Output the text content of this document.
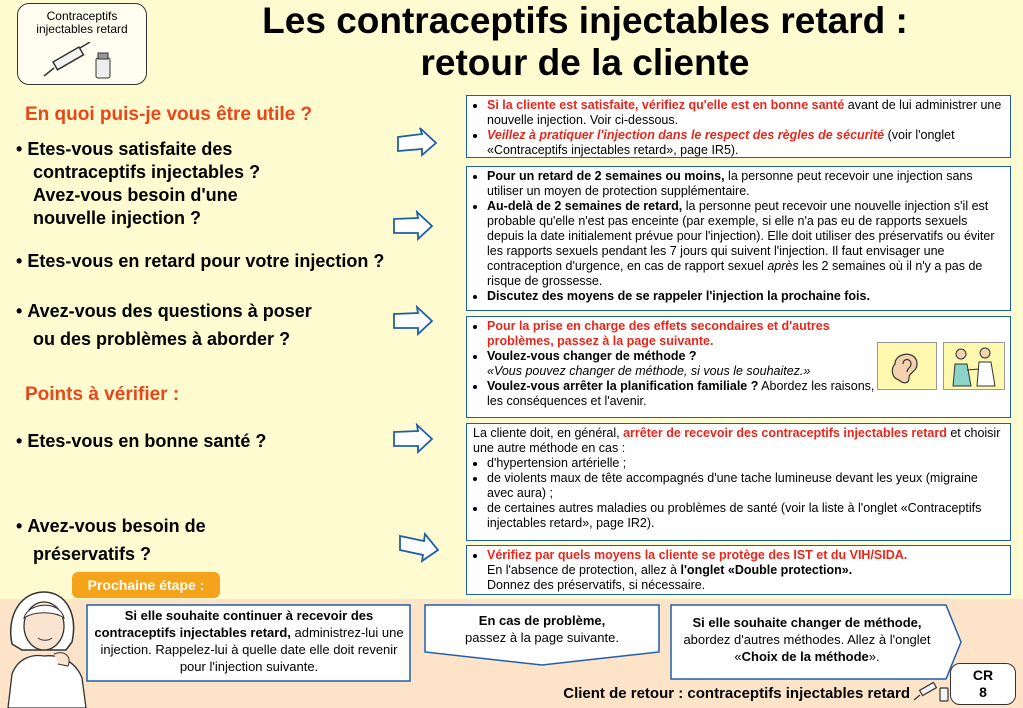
Contraceptifs
injectables retard	Les contraceptifs injectables retard :
retour de la cliente
En quoi puis-je vous être utile ?
• Etes-vous satisfaite des
contraceptifs injectables ?
Avez-vous besoin d'une
nouvelle injection ?
• Etes-vous en retard pour votre injection ?
• Avez-vous des questions à poser
ou des problèmes à aborder ?
Points à vérifier :
• Etes-vous en bonne santé ?
• Avez-vous besoin de
préservatifs ?
• Si la cliente est satisfaite, vérifiez qu'elle est en bonne santé avant de lui administrer une nouvelle injection. Voir ci-dessous.
• Veillez à pratiquer l'injection dans le respect des règles de sécurité (voir l'onglet «Contraceptifs injectables retard», page IR5).
• Pour un retard de 2 semaines ou moins, la personne peut recevoir une injection sans utiliser un moyen de protection supplémentaire.
• Au-delà de 2 semaines de retard, la personne peut recevoir une nouvelle injection s'il est probable qu'elle n'est pas enceinte (par exemple, si elle n'a pas eu de rapports sexuels depuis la date initialement prévue pour l'injection). Elle doit utiliser des préservatifs ou éviter les rapports sexuels pendant les 7 jours qui suivent l'injection. Il faut envisager une contraception d'urgence, en cas de rapport sexuel après les 2 semaines où il n'y a pas de risque de grossesse.
• Discutez des moyens de se rappeler l'injection la prochaine fois.
• Pour la prise en charge des effets secondaires et d'autres problèmes, passez à la page suivante.
• Voulez-vous changer de méthode ?
«Vous pouvez changer de méthode, si vous le souhaitez.»
• Voulez-vous arrêter la planification familiale ? Abordez les raisons, les conséquences et l'avenir.
La cliente doit, en général, arrêter de recevoir des contraceptifs injectables retard et choisir une autre méthode en cas :
• d'hypertension artérielle ;
• de violents maux de tête accompagnés d'une tache lumineuse devant les yeux (migraine avec aura) ;
• de certaines autres maladies ou problèmes de santé (voir la liste à l'onglet «Contraceptifs injectables retard», page IR2).
• Vérifiez par quels moyens la cliente se protège des IST et du VIH/SIDA.
En l'absence de protection, allez à l'onglet «Double protection».
Donnez des préservatifs, si nécessaire.
Prochaine étape :
Si elle souhaite continuer à recevoir des contraceptifs injectables retard, administrez-lui une injection. Rappelez-lui à quelle date elle doit revenir pour l'injection suivante.
En cas de problème,
passez à la page suivante.
Si elle souhaite changer de méthode, abordez d'autres méthodes. Allez à l'onglet «Choix de la méthode».
Client de retour : contraceptifs injectables retard
CR
8
